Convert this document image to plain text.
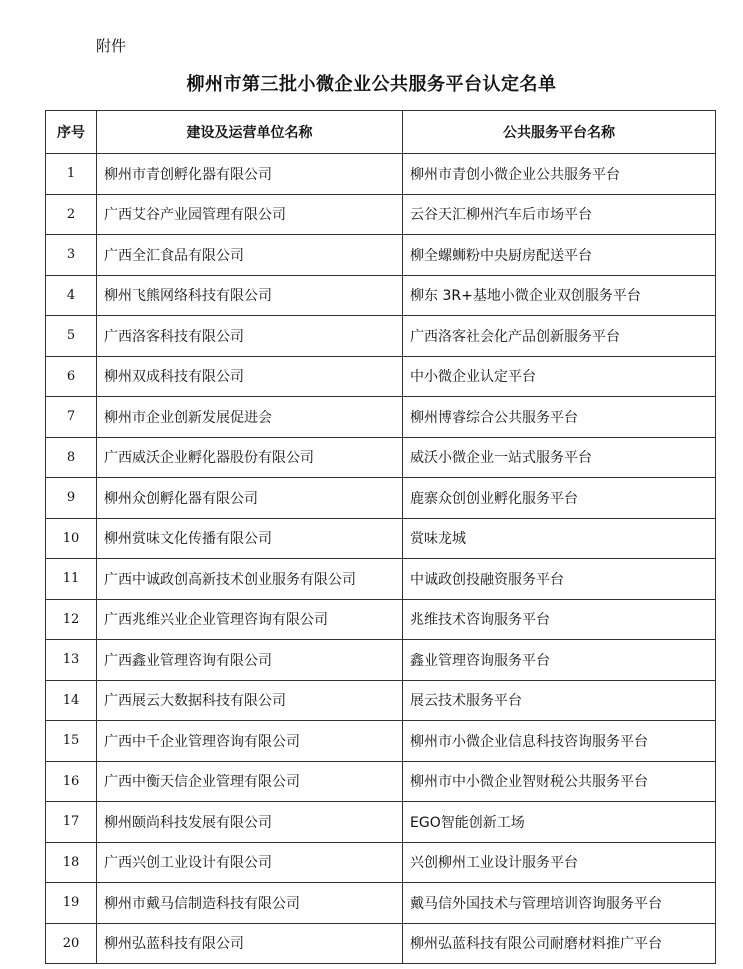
附件
柳州市第三批小微企业公共服务平台认定名单
序号	建设及运营单位名称	公共服务平台名称
1	柳州市青创孵化器有限公司	柳州市青创小微企业公共服务平台
2	广西艾谷产业园管理有限公司	云谷天汇柳州汽车后市场平台
3	广西全汇食品有限公司	柳全螺蛳粉中央厨房配送平台
4	柳州飞熊网络科技有限公司	柳东 3R+基地小微企业双创服务平台
5	广西洛客科技有限公司	广西洛客社会化产品创新服务平台
6	柳州双成科技有限公司	中小微企业认定平台
7	柳州市企业创新发展促进会	柳州博睿综合公共服务平台
8	广西威沃企业孵化器股份有限公司	威沃小微企业一站式服务平台
9	柳州众创孵化器有限公司	鹿寨众创创业孵化服务平台
10	柳州赏味文化传播有限公司	赏味龙城
11	广西中诚政创高新技术创业服务有限公司	中诚政创投融资服务平台
12	广西兆维兴业企业管理咨询有限公司	兆维技术咨询服务平台
13	广西鑫业管理咨询有限公司	鑫业管理咨询服务平台
14	广西展云大数据科技有限公司	展云技术服务平台
15	广西中千企业管理咨询有限公司	柳州市小微企业信息科技咨询服务平台
16	广西中衡天信企业管理有限公司	柳州市中小微企业智财税公共服务平台
17	柳州颐尚科技发展有限公司	EGO智能创新工场
18	广西兴创工业设计有限公司	兴创柳州工业设计服务平台
19	柳州市戴马信制造科技有限公司	戴马信外国技术与管理培训咨询服务平台
20	柳州弘蓝科技有限公司	柳州弘蓝科技有限公司耐磨材料推广平台
